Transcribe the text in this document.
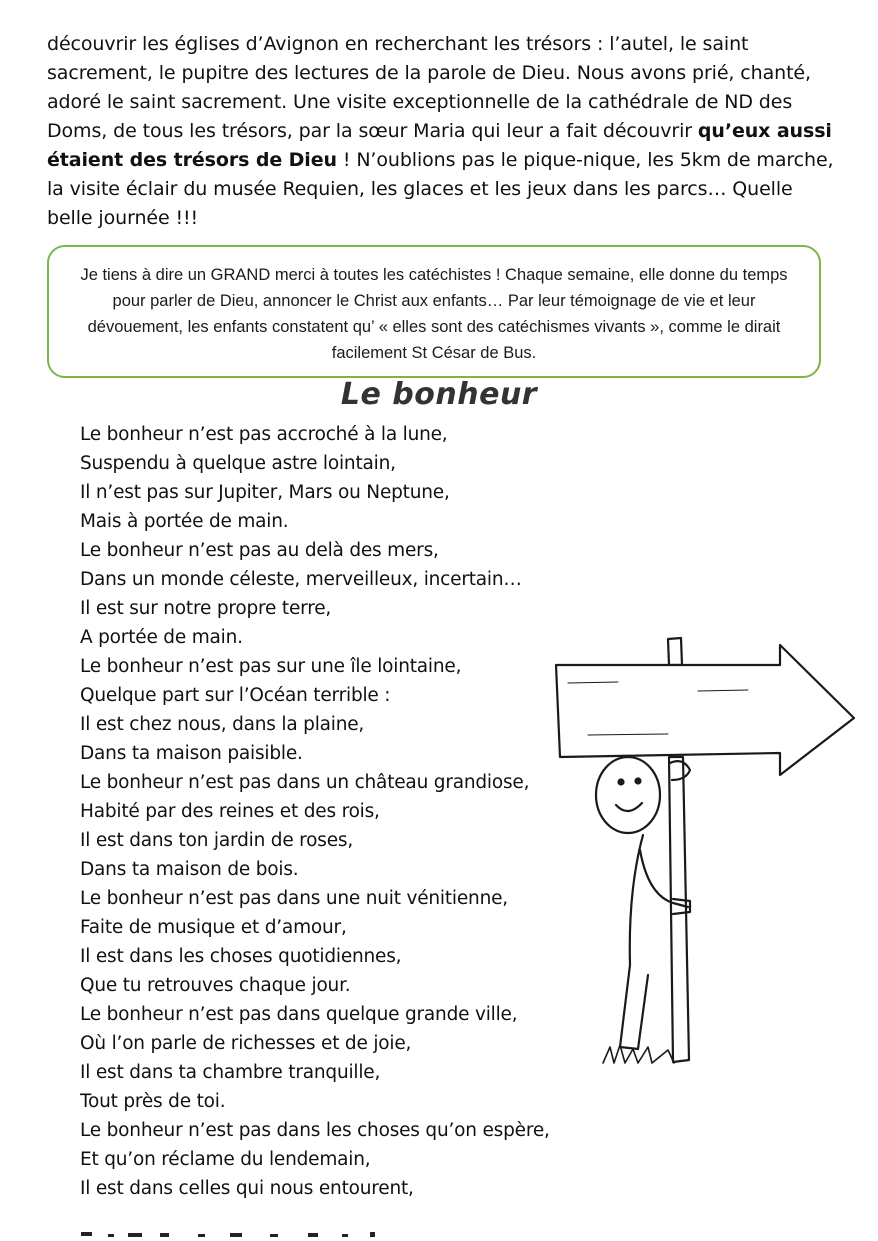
découvrir les églises d’Avignon en recherchant les trésors : l’autel, le saint sacrement, le pupitre des lectures de la parole de Dieu. Nous avons prié, chanté, adoré le saint sacrement. Une visite exceptionnelle de la cathédrale de ND des Doms, de tous les trésors, par la sœur Maria qui leur a fait découvrir qu’eux aussi étaient des trésors de Dieu ! N’oublions pas le pique-nique, les 5km de marche, la visite éclair du musée Requien, les glaces et les jeux dans les parcs… Quelle belle journée !!!
Je tiens à dire un GRAND merci à toutes les catéchistes ! Chaque semaine, elle donne du temps pour parler de Dieu, annoncer le Christ aux enfants… Par leur témoignage de vie et leur dévouement, les enfants constatent qu’ « elles sont des catéchismes vivants », comme le dirait facilement St César de Bus.
Le bonheur
Le bonheur n’est pas accroché à la lune,
Suspendu à quelque astre lointain,
Il n’est pas sur Jupiter, Mars ou Neptune,
Mais à portée de main.
Le bonheur n’est pas au delà des mers,
Dans un monde céleste, merveilleux, incertain…
Il est sur notre propre terre,
A portée de main.
Le bonheur n’est pas sur une île lointaine,
Quelque part sur l’Océan terrible :
Il est chez nous, dans la plaine,
Dans ta maison paisible.
Le bonheur n’est pas dans un château grandiose,
Habité par des reines et des rois,
Il est dans ton jardin de roses,
Dans ta maison de bois.
Le bonheur n’est pas dans une nuit vénitienne,
Faite de musique et d’amour,
Il est dans les choses quotidiennes,
Que tu retrouves chaque jour.
Le bonheur n’est pas dans quelque grande ville,
Où l’on parle de richesses et de joie,
Il est dans ta chambre tranquille,
Tout près de toi.
Le bonheur n’est pas dans les choses qu’on espère,
Et qu’on réclame du lendemain,
Il est dans celles qui nous entourent,
